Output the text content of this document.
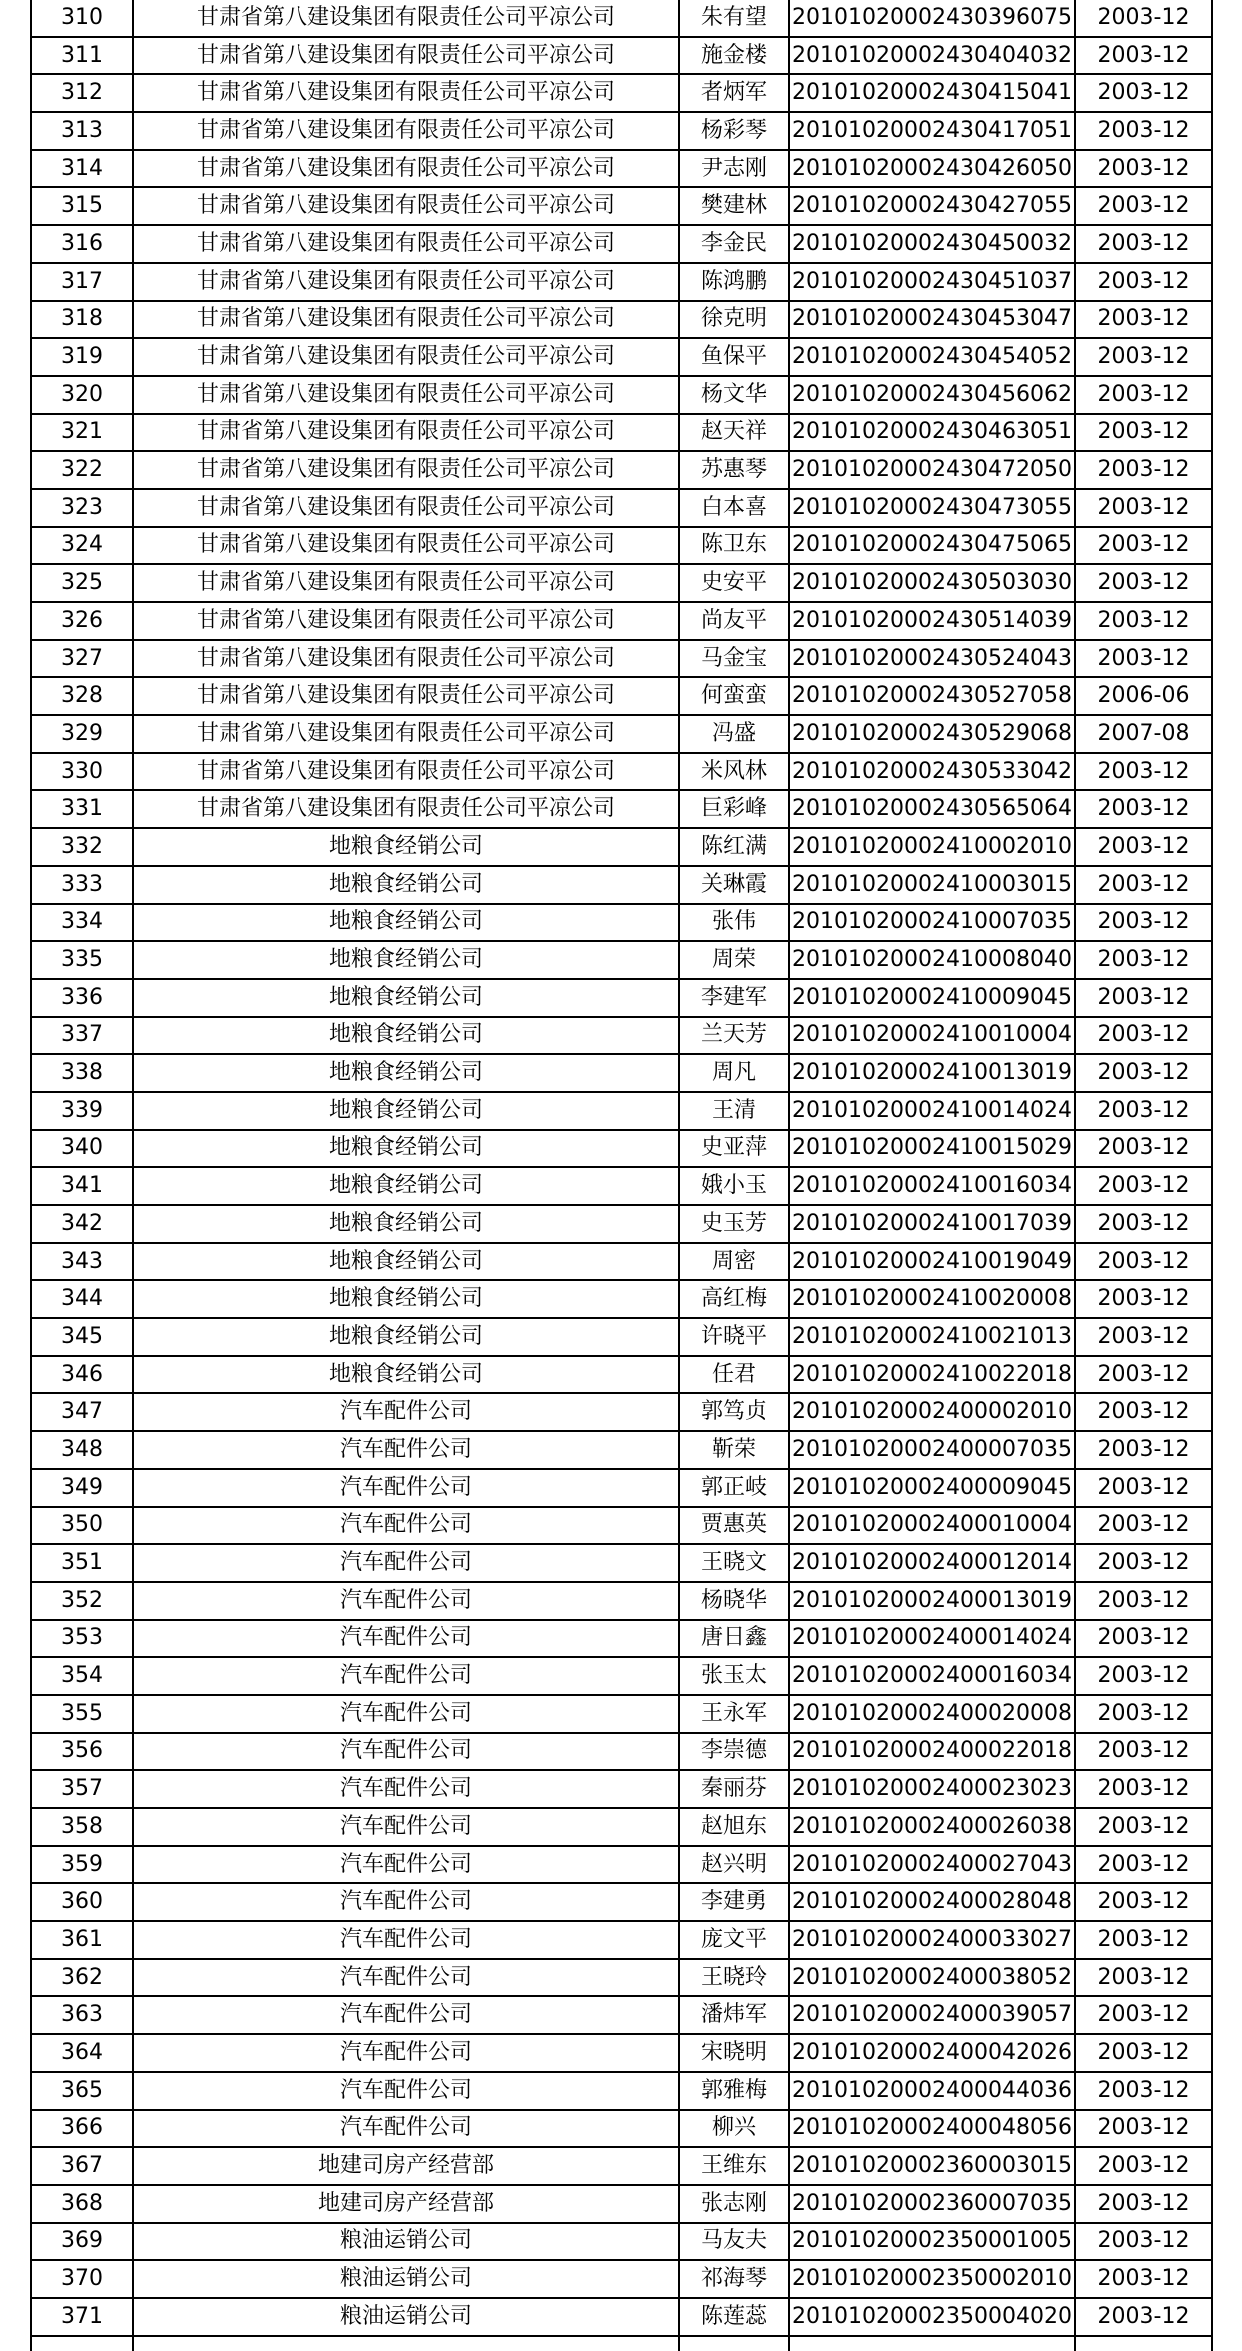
310	甘肃省第八建设集团有限责任公司平凉公司	朱有望	20101020002430396075	2003-12
311	甘肃省第八建设集团有限责任公司平凉公司	施金楼	20101020002430404032	2003-12
312	甘肃省第八建设集团有限责任公司平凉公司	者炳军	20101020002430415041	2003-12
313	甘肃省第八建设集团有限责任公司平凉公司	杨彩琴	20101020002430417051	2003-12
314	甘肃省第八建设集团有限责任公司平凉公司	尹志刚	20101020002430426050	2003-12
315	甘肃省第八建设集团有限责任公司平凉公司	樊建林	20101020002430427055	2003-12
316	甘肃省第八建设集团有限责任公司平凉公司	李金民	20101020002430450032	2003-12
317	甘肃省第八建设集团有限责任公司平凉公司	陈鸿鹏	20101020002430451037	2003-12
318	甘肃省第八建设集团有限责任公司平凉公司	徐克明	20101020002430453047	2003-12
319	甘肃省第八建设集团有限责任公司平凉公司	鱼保平	20101020002430454052	2003-12
320	甘肃省第八建设集团有限责任公司平凉公司	杨文华	20101020002430456062	2003-12
321	甘肃省第八建设集团有限责任公司平凉公司	赵天祥	20101020002430463051	2003-12
322	甘肃省第八建设集团有限责任公司平凉公司	苏惠琴	20101020002430472050	2003-12
323	甘肃省第八建设集团有限责任公司平凉公司	白本喜	20101020002430473055	2003-12
324	甘肃省第八建设集团有限责任公司平凉公司	陈卫东	20101020002430475065	2003-12
325	甘肃省第八建设集团有限责任公司平凉公司	史安平	20101020002430503030	2003-12
326	甘肃省第八建设集团有限责任公司平凉公司	尚友平	20101020002430514039	2003-12
327	甘肃省第八建设集团有限责任公司平凉公司	马金宝	20101020002430524043	2003-12
328	甘肃省第八建设集团有限责任公司平凉公司	何蛮蛮	20101020002430527058	2006-06
329	甘肃省第八建设集团有限责任公司平凉公司	冯盛	20101020002430529068	2007-08
330	甘肃省第八建设集团有限责任公司平凉公司	米风林	20101020002430533042	2003-12
331	甘肃省第八建设集团有限责任公司平凉公司	巨彩峰	20101020002430565064	2003-12
332	地粮食经销公司	陈红满	20101020002410002010	2003-12
333	地粮食经销公司	关琳霞	20101020002410003015	2003-12
334	地粮食经销公司	张伟	20101020002410007035	2003-12
335	地粮食经销公司	周荣	20101020002410008040	2003-12
336	地粮食经销公司	李建军	20101020002410009045	2003-12
337	地粮食经销公司	兰天芳	20101020002410010004	2003-12
338	地粮食经销公司	周凡	20101020002410013019	2003-12
339	地粮食经销公司	王清	20101020002410014024	2003-12
340	地粮食经销公司	史亚萍	20101020002410015029	2003-12
341	地粮食经销公司	娥小玉	20101020002410016034	2003-12
342	地粮食经销公司	史玉芳	20101020002410017039	2003-12
343	地粮食经销公司	周密	20101020002410019049	2003-12
344	地粮食经销公司	高红梅	20101020002410020008	2003-12
345	地粮食经销公司	许晓平	20101020002410021013	2003-12
346	地粮食经销公司	任君	20101020002410022018	2003-12
347	汽车配件公司	郭笃贞	20101020002400002010	2003-12
348	汽车配件公司	靳荣	20101020002400007035	2003-12
349	汽车配件公司	郭正岐	20101020002400009045	2003-12
350	汽车配件公司	贾惠英	20101020002400010004	2003-12
351	汽车配件公司	王晓文	20101020002400012014	2003-12
352	汽车配件公司	杨晓华	20101020002400013019	2003-12
353	汽车配件公司	唐日鑫	20101020002400014024	2003-12
354	汽车配件公司	张玉太	20101020002400016034	2003-12
355	汽车配件公司	王永军	20101020002400020008	2003-12
356	汽车配件公司	李崇德	20101020002400022018	2003-12
357	汽车配件公司	秦丽芬	20101020002400023023	2003-12
358	汽车配件公司	赵旭东	20101020002400026038	2003-12
359	汽车配件公司	赵兴明	20101020002400027043	2003-12
360	汽车配件公司	李建勇	20101020002400028048	2003-12
361	汽车配件公司	庞文平	20101020002400033027	2003-12
362	汽车配件公司	王晓玲	20101020002400038052	2003-12
363	汽车配件公司	潘炜军	20101020002400039057	2003-12
364	汽车配件公司	宋晓明	20101020002400042026	2003-12
365	汽车配件公司	郭雅梅	20101020002400044036	2003-12
366	汽车配件公司	柳兴	20101020002400048056	2003-12
367	地建司房产经营部	王维东	20101020002360003015	2003-12
368	地建司房产经营部	张志刚	20101020002360007035	2003-12
369	粮油运销公司	马友夫	20101020002350001005	2003-12
370	粮油运销公司	祁海琴	20101020002350002010	2003-12
371	粮油运销公司	陈莲蕊	20101020002350004020	2003-12
